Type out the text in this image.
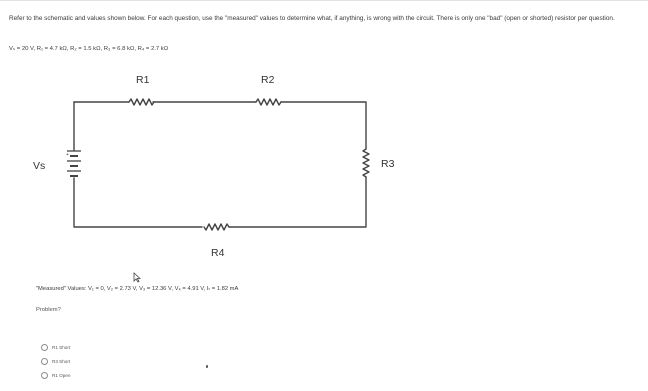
Refer to the schematic and values shown below. For each question, use the "measured" values to determine what, if anything, is wrong with the circuit. There is only one "bad" (open or shorted) resistor per question.

Vₛ = 20 V, R₁ = 4.7 kΩ, R₂ = 1.5 kΩ, R₃ = 6.8 kΩ, R₄ = 2.7 kΩ

+
R1	R2
R3
R4
Vs

"Measured" Values: V₁ = 0, V₂ = 2.73 V, V₃ = 12.36 V, V₄ = 4.91 V, Iₜ = 1.82 mA

Problem?

R1 Short
R3 Short
R1 Open
